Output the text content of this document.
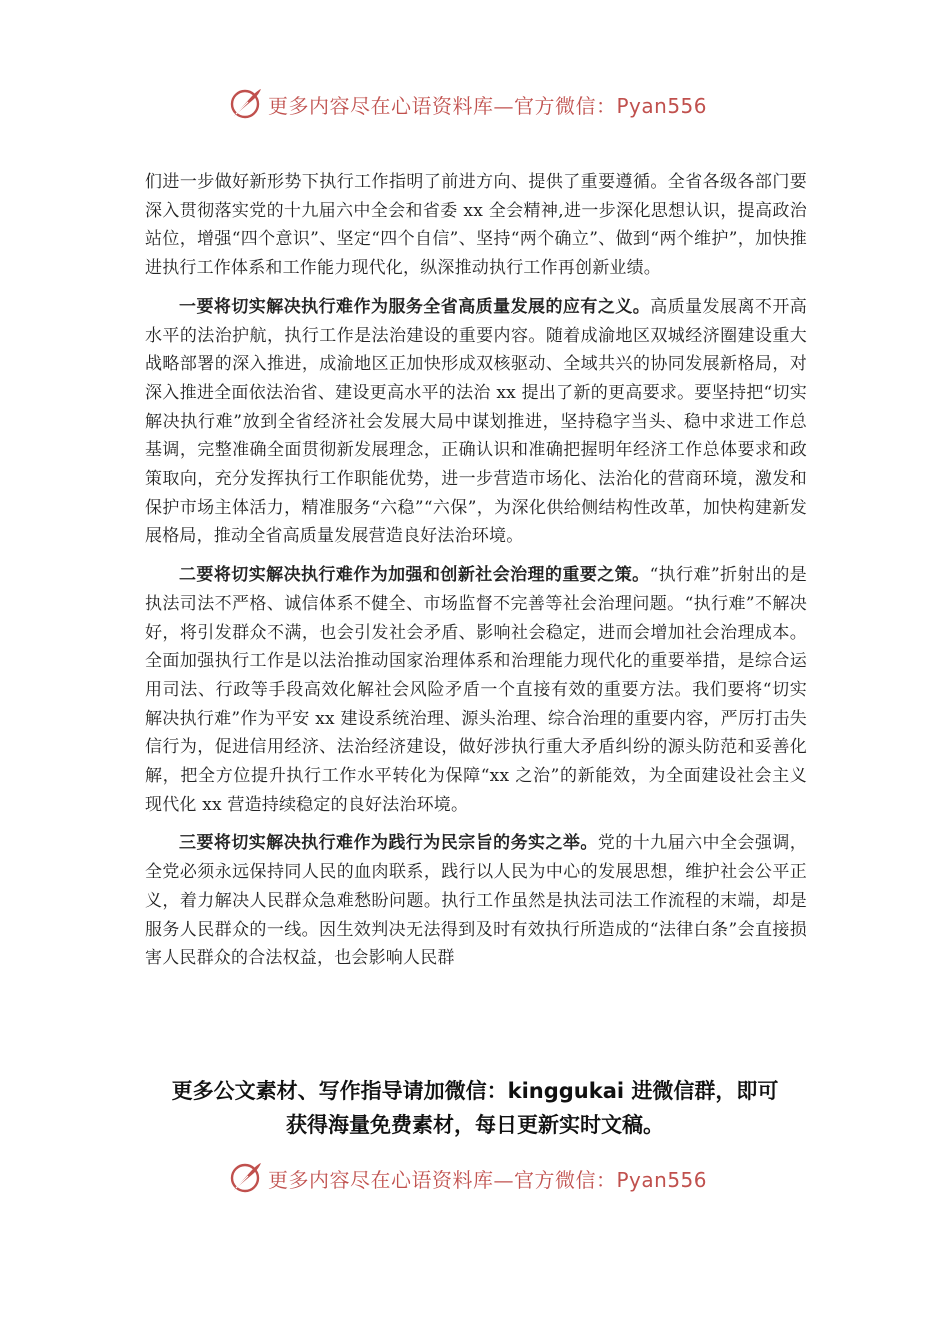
更多内容尽在心语资料库—官方微信：Pyan556

们进一步做好新形势下执行工作指明了前进方向、提供了重要遵循。全省各级各部门要深入贯彻落实党的十九届六中全会和省委 xx 全会精神,进一步深化思想认识，提高政治站位，增强“四个意识”、坚定“四个自信”、坚持“两个确立”、做到“两个维护”，加快推进执行工作体系和工作能力现代化，纵深推动执行工作再创新业绩。

一要将切实解决执行难作为服务全省高质量发展的应有之义。高质量发展离不开高水平的法治护航，执行工作是法治建设的重要内容。随着成渝地区双城经济圈建设重大战略部署的深入推进，成渝地区正加快形成双核驱动、全域共兴的协同发展新格局，对深入推进全面依法治省、建设更高水平的法治 xx 提出了新的更高要求。要坚持把“切实解决执行难”放到全省经济社会发展大局中谋划推进，坚持稳字当头、稳中求进工作总基调，完整准确全面贯彻新发展理念，正确认识和准确把握明年经济工作总体要求和政策取向，充分发挥执行工作职能优势，进一步营造市场化、法治化的营商环境，激发和保护市场主体活力，精准服务“六稳”“六保”，为深化供给侧结构性改革，加快构建新发展格局，推动全省高质量发展营造良好法治环境。

二要将切实解决执行难作为加强和创新社会治理的重要之策。“执行难”折射出的是执法司法不严格、诚信体系不健全、市场监督不完善等社会治理问题。“执行难”不解决好，将引发群众不满，也会引发社会矛盾、影响社会稳定，进而会增加社会治理成本。全面加强执行工作是以法治推动国家治理体系和治理能力现代化的重要举措，是综合运用司法、行政等手段高效化解社会风险矛盾一个直接有效的重要方法。我们要将“切实解决执行难”作为平安 xx 建设系统治理、源头治理、综合治理的重要内容，严厉打击失信行为，促进信用经济、法治经济建设，做好涉执行重大矛盾纠纷的源头防范和妥善化解，把全方位提升执行工作水平转化为保障“xx 之治”的新能效，为全面建设社会主义现代化 xx 营造持续稳定的良好法治环境。

三要将切实解决执行难作为践行为民宗旨的务实之举。党的十九届六中全会强调，全党必须永远保持同人民的血肉联系，践行以人民为中心的发展思想，维护社会公平正义，着力解决人民群众急难愁盼问题。执行工作虽然是执法司法工作流程的末端，却是服务人民群众的一线。因生效判决无法得到及时有效执行所造成的“法律白条”会直接损害人民群众的合法权益，也会影响人民群

更多公文素材、写作指导请加微信：kinggukai 进微信群，即可
获得海量免费素材，每日更新实时文稿。
更多内容尽在心语资料库—官方微信：Pyan556
